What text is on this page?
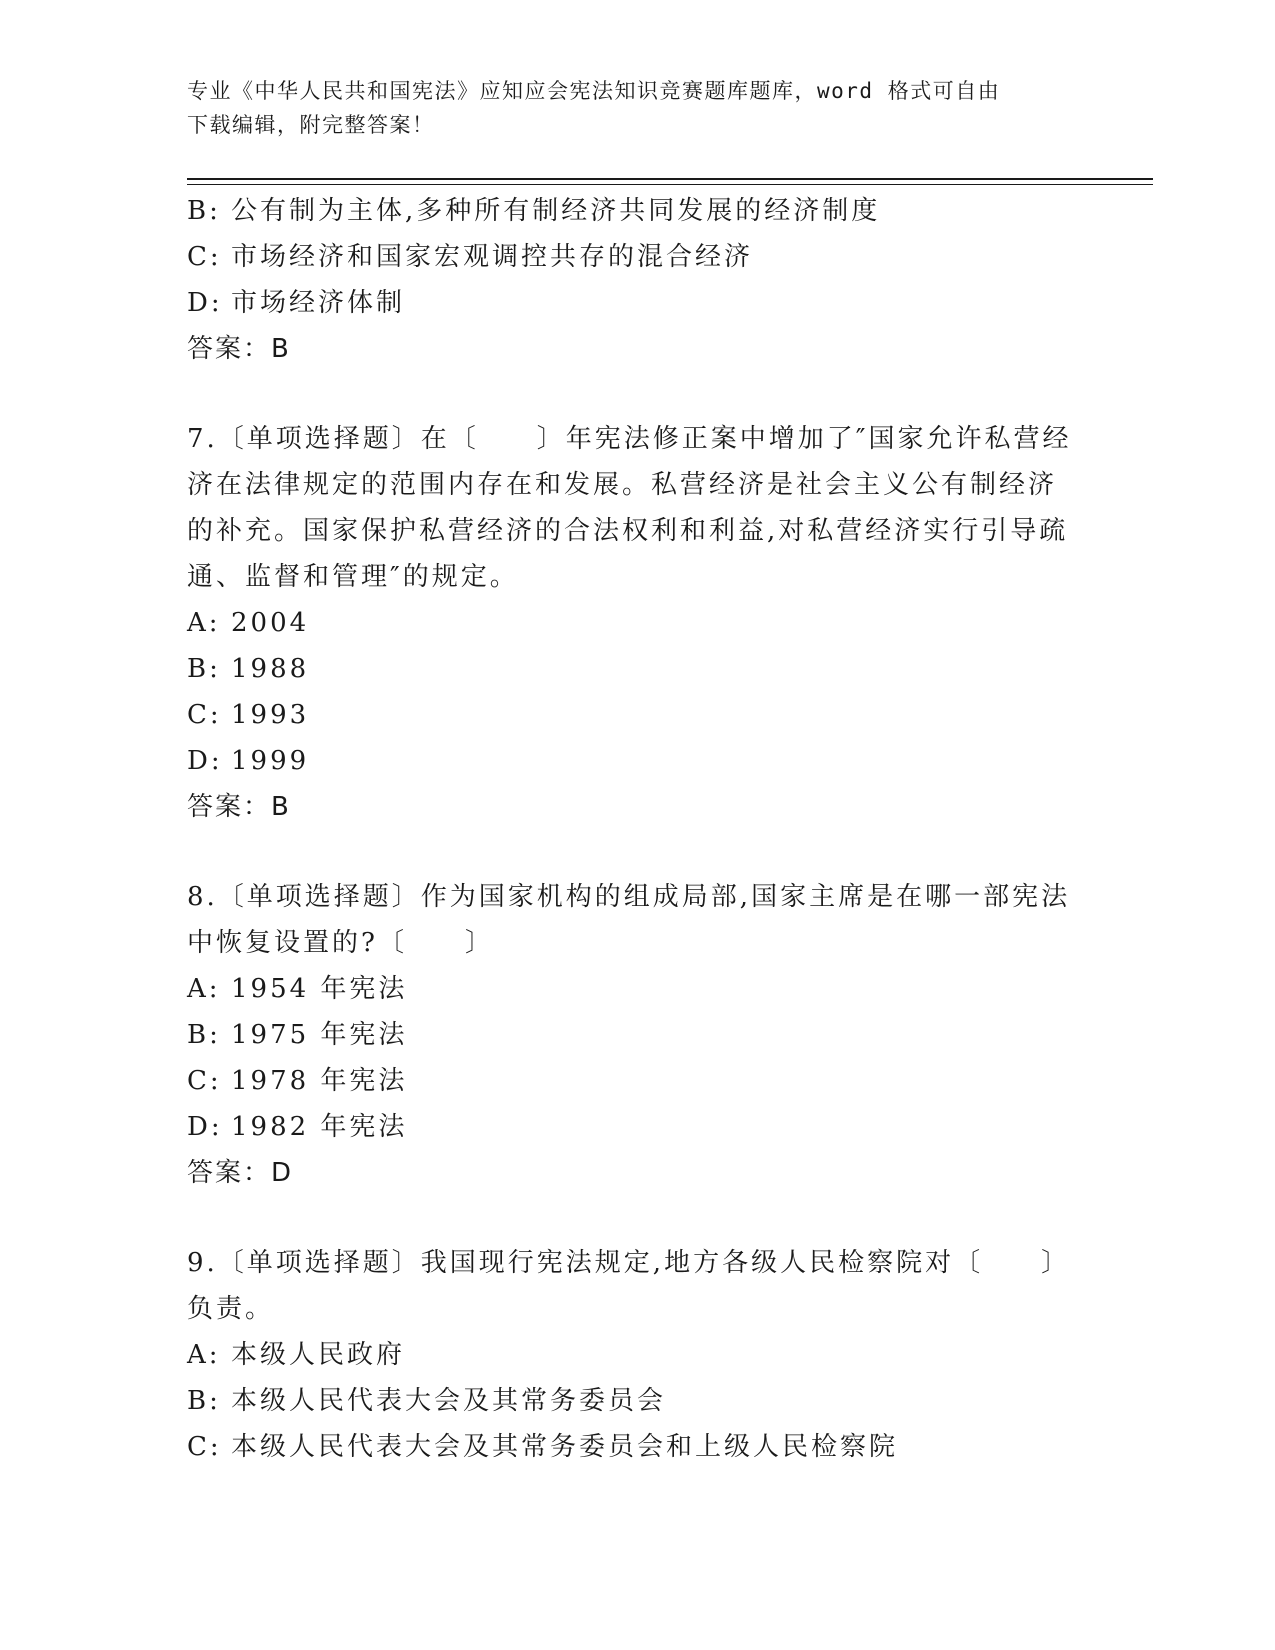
专业《中华人民共和国宪法》应知应会宪法知识竞赛题库题库，word 格式可自由
下载编辑，附完整答案！
B: 公有制为主体,多种所有制经济共同发展的经济制度
C: 市场经济和国家宏观调控共存的混合经济
D: 市场经济体制
答案：B
7.〔单项选择题〕在〔　　〕年宪法修正案中增加了″国家允许私营经
济在法律规定的范围内存在和发展。私营经济是社会主义公有制经济
的补充。国家保护私营经济的合法权利和利益,对私营经济实行引导疏
通、监督和管理″的规定。
A: 2004
B: 1988
C: 1993
D: 1999
答案：B
8.〔单项选择题〕作为国家机构的组成局部,国家主席是在哪一部宪法
中恢复设置的?〔　　〕
A: 1954 年宪法
B: 1975 年宪法
C: 1978 年宪法
D: 1982 年宪法
答案：D
9.〔单项选择题〕我国现行宪法规定,地方各级人民检察院对〔　　〕
负责。
A: 本级人民政府
B: 本级人民代表大会及其常务委员会
C: 本级人民代表大会及其常务委员会和上级人民检察院
